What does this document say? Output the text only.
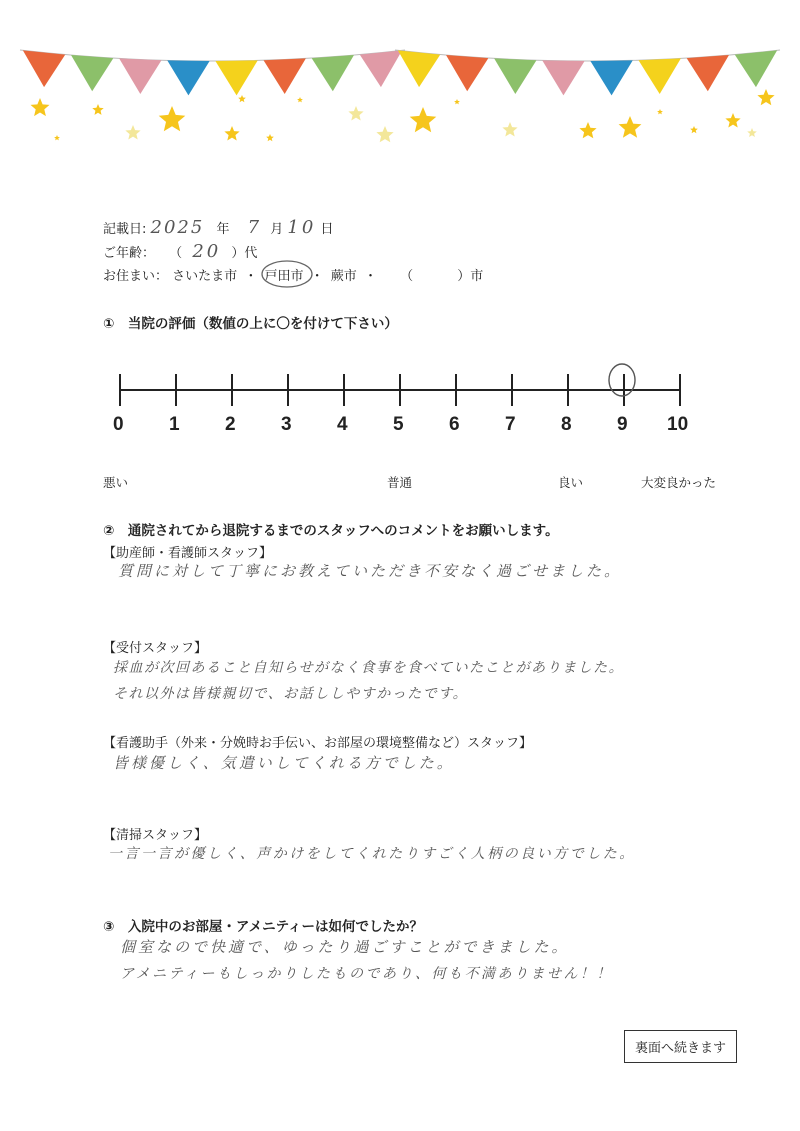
記載日: 2025 年 7 月 10 日
ご年齢： （ 20 ）代
お住まい： さいたま市 ・ 戸田市 ・ 蕨市 ・ （	）市
①　当院の評価（数値の上に〇を付けて下さい）
0 1 2 3 4 5 6 7 8 9 10
悪い	普通	良い	大変良かった
②　通院されてから退院するまでのスタッフへのコメントをお願いします。
【助産師・看護師スタッフ】
質問に対して丁寧にお教えていただき不安なく過ごせました。
【受付スタッフ】
採血が次回あること自知らせがなく食事を食べていたことがありました。
それ以外は皆様親切で、お話ししやすかったです。
【看護助手（外来・分娩時お手伝い、お部屋の環境整備など）スタッフ】
皆様優しく、気遣いしてくれる方でした。
【清掃スタッフ】
一言一言が優しく、声かけをしてくれたりすごく人柄の良い方でした。
③　入院中のお部屋・アメニティーは如何でしたか？
個室なので快適で、ゆったり過ごすことができました。
アメニティーもしっかりしたものであり、何も不満ありません！！
裏面へ続きます
